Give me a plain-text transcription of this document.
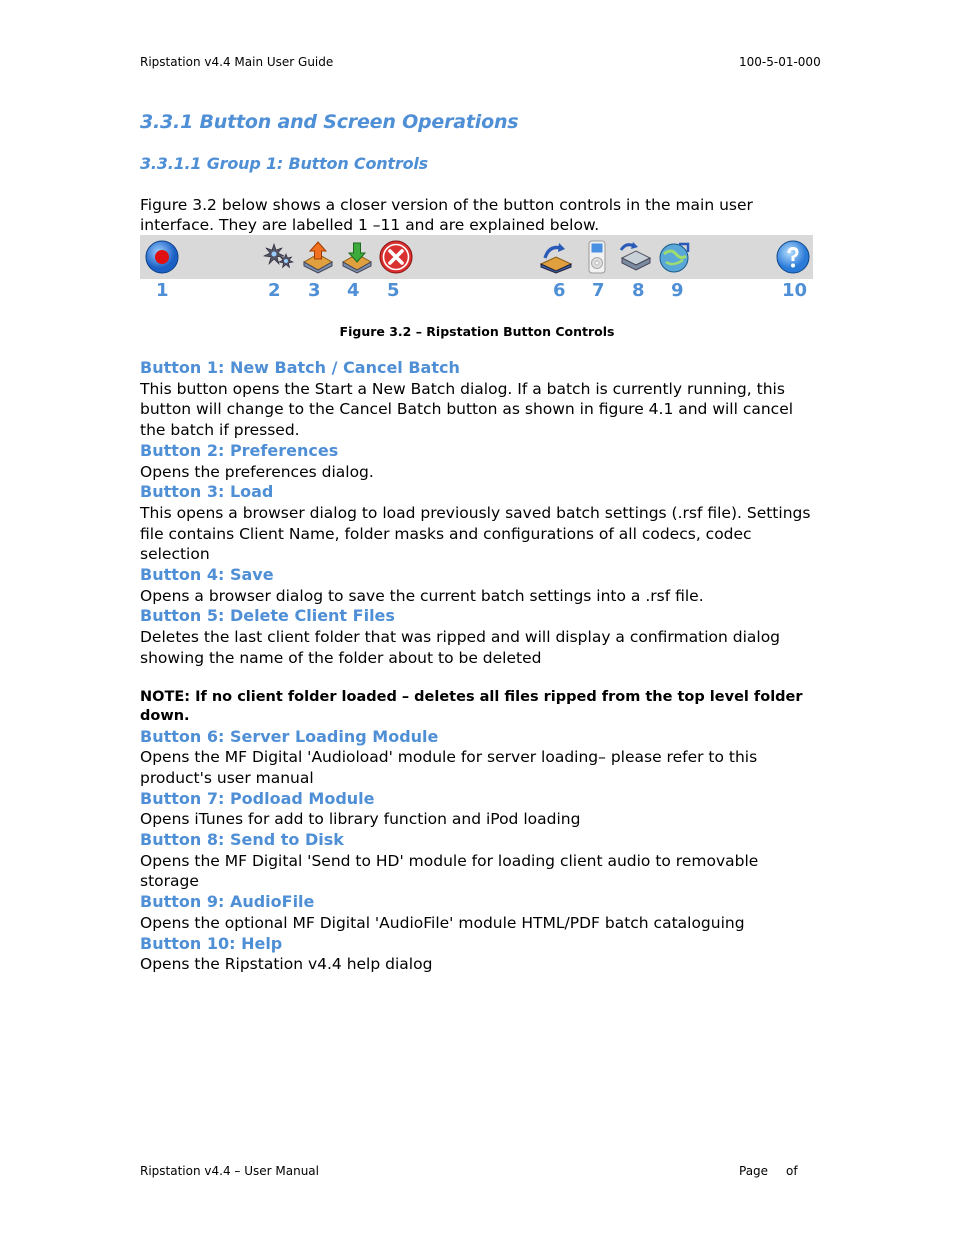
Ripstation v4.4 Main User Guide	100-5-01-000
3.3.1 Button and Screen Operations
3.3.1.1 Group 1: Button Controls

Figure 3.2 below shows a closer version of the button controls in the main user interface. They are labelled 1 –11 and are explained below.

1	2 3 4 5	6 7 8 9	10
Figure 3.2 – Ripstation Button Controls
Button 1: New Batch / Cancel Batch

This button opens the Start a New Batch dialog. If a batch is currently running, this button will change to the Cancel Batch button as shown in figure 4.1 and will cancel the batch if pressed.

Button 2: Preferences

Opens the preferences dialog.

Button 3: Load

This opens a browser dialog to load previously saved batch settings (.rsf file). Settings file contains Client Name, folder masks and configurations of all codecs, codec selection

Button 4: Save

Opens a browser dialog to save the current batch settings into a .rsf file.

Button 5: Delete Client Files

Deletes the last client folder that was ripped and will display a confirmation dialog showing the name of the folder about to be deleted

NOTE: If no client folder loaded – deletes all files ripped from the top level folder down.
Button 6: Server Loading Module

Opens the MF Digital 'Audioload' module for server loading– please refer to this product's user manual

Button 7: Podload Module

Opens iTunes for add to library function and iPod loading

Button 8: Send to Disk

Opens the MF Digital 'Send to HD' module for loading client audio to removable storage

Button 9: AudioFile

Opens the optional MF Digital 'AudioFile' module HTML/PDF batch cataloguing

Button 10: Help

Opens the Ripstation v4.4 help dialog

Ripstation v4.4 – User Manual	Page of
